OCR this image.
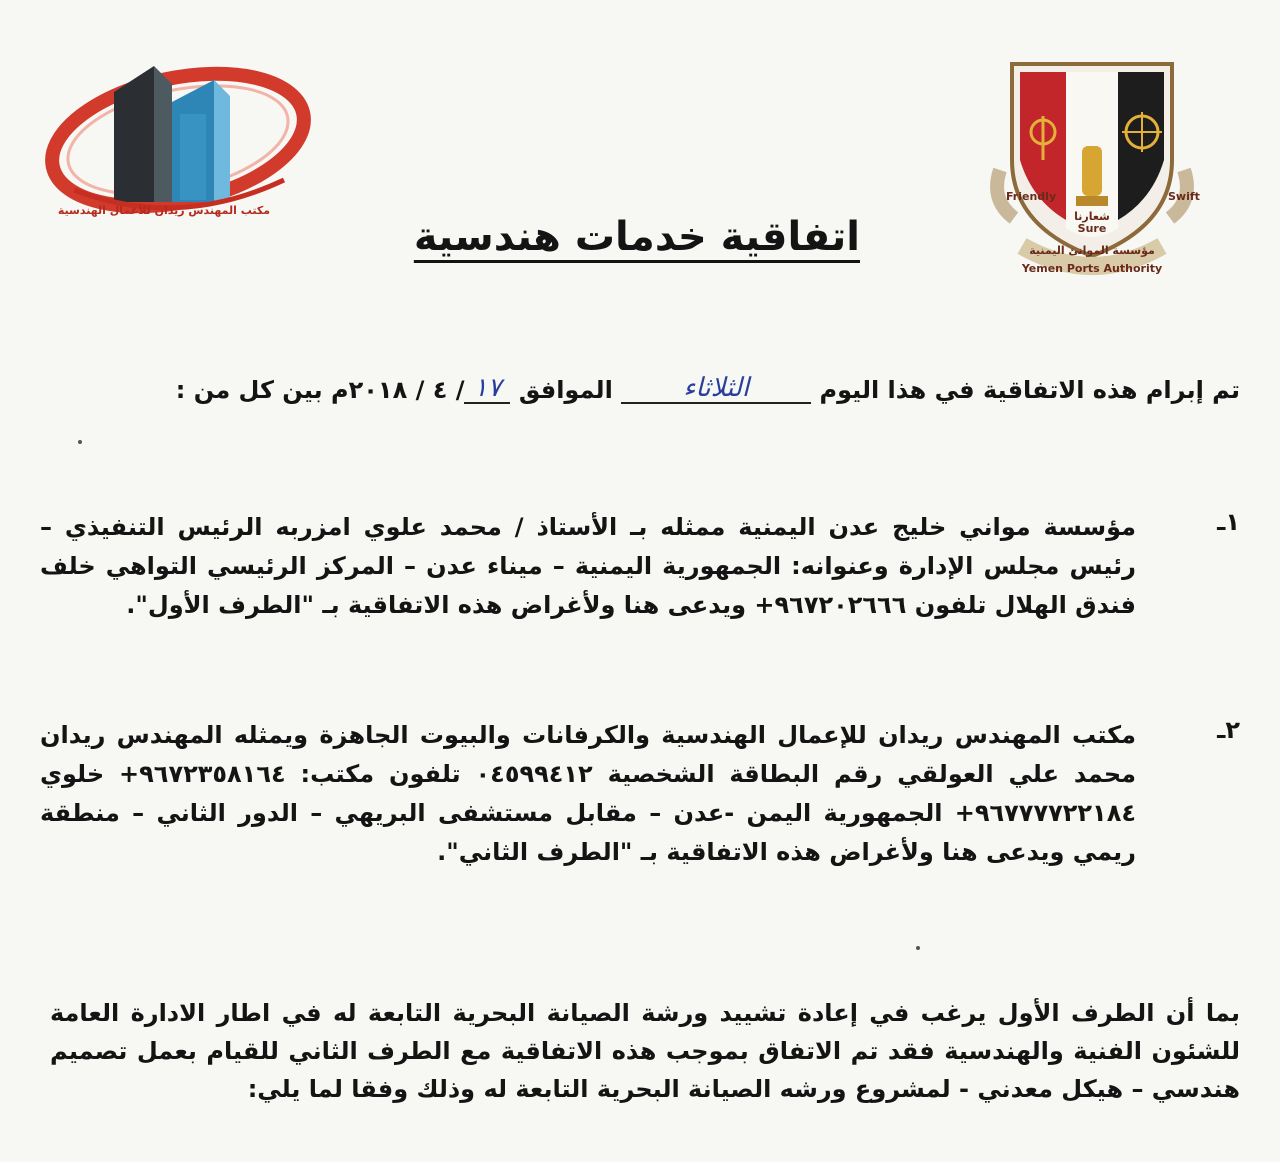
مكتب المهندس ريدان للأعمال الهندسية	شعارنا
Sure
Friendly	Swift
مؤسسة الموانئ اليمنية
Yemen Ports Authority
اتفاقية خدمات هندسية
تم إبرام هذه الاتفاقية في هذا اليوم الثلاثاء الموافق ١٧/ ٤ / ٢٠١٨م بين كل من :
١ـ
مؤسسة مواني خليج عدن اليمنية ممثله بـ الأستاذ / محمد علوي امزربه الرئيس التنفيذي – رئيس مجلس الإدارة وعنوانه: الجمهورية اليمنية – ميناء عدن – المركز الرئيسي التواهي خلف فندق الهلال تلفون ٩٦٧٢٠٢٦٦٦+ ويدعى هنا ولأغراض هذه الاتفاقية بـ "الطرف الأول".
٢ـ
مكتب المهندس ريدان للإعمال الهندسية والكرفانات والبيوت الجاهزة ويمثله المهندس ريدان محمد علي العولقي رقم البطاقة الشخصية ٠٤٥٩٩٤١٢ تلفون مكتب: ٩٦٧٢٣٥٨١٦٤+ خلوي ٩٦٧٧٧٧٢٢١٨٤+ الجمهورية اليمن -عدن – مقابل مستشفى البريهي – الدور الثاني – منطقة ريمي ويدعى هنا ولأغراض هذه الاتفاقية بـ "الطرف الثاني".
بما أن الطرف الأول يرغب في إعادة تشييد ورشة الصيانة البحرية التابعة له في اطار الادارة العامة للشئون الفنية والهندسية فقد تم الاتفاق بموجب هذه الاتفاقية مع الطرف الثاني للقيام بعمل تصميم هندسي – هيكل معدني - لمشروع ورشه الصيانة البحرية التابعة له وذلك وفقا لما يلي:
